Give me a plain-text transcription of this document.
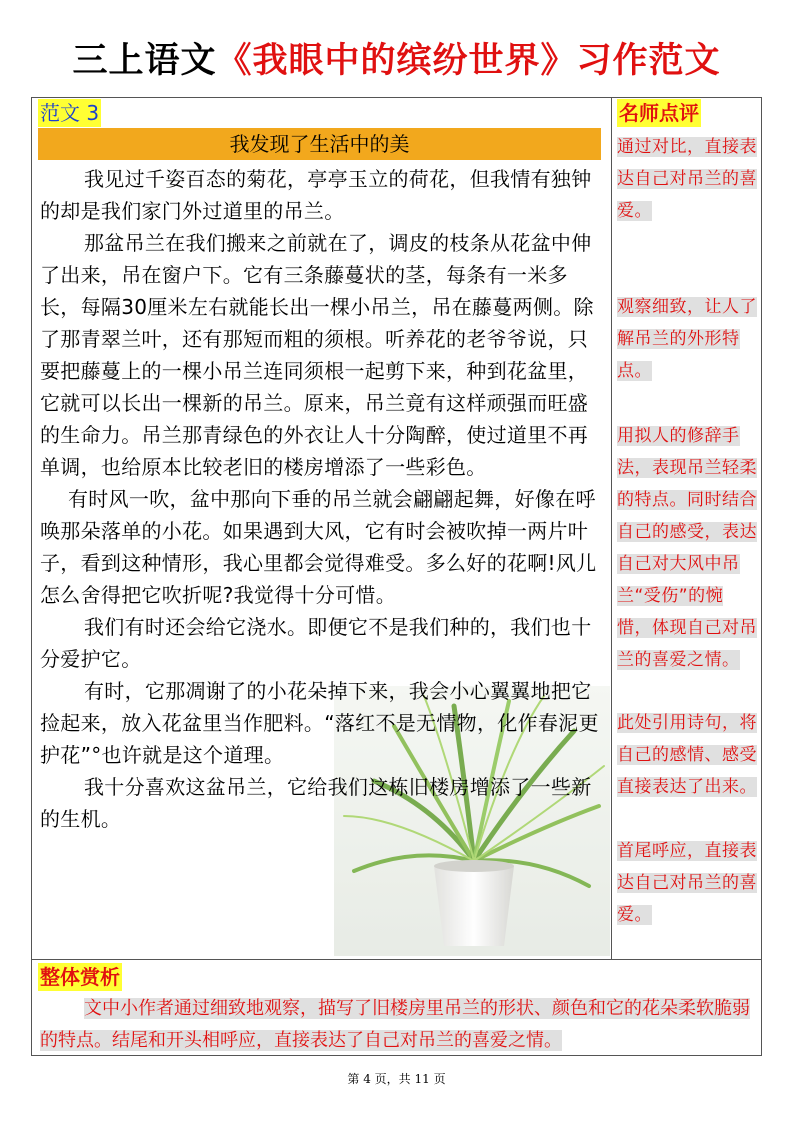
三上语文《我眼中的缤纷世界》习作范文
范文 3
我发现了生活中的美

我见过千姿百态的菊花，亭亭玉立的荷花，但我情有独钟的却是我们家门外过道里的吊兰。

那盆吊兰在我们搬来之前就在了，调皮的枝条从花盆中伸了出来，吊在窗户下。它有三条藤蔓状的茎，每条有一米多长，每隔30厘米左右就能长出一棵小吊兰，吊在藤蔓两侧。除了那青翠兰叶，还有那短而粗的须根。听养花的老爷爷说，只要把藤蔓上的一棵小吊兰连同须根一起剪下来，种到花盆里，它就可以长出一棵新的吊兰。原来，吊兰竟有这样顽强而旺盛的生命力。吊兰那青绿色的外衣让人十分陶醉，使过道里不再单调，也给原本比较老旧的楼房增添了一些彩色。

有时风一吹，盆中那向下垂的吊兰就会翩翩起舞，好像在呼唤那朵落单的小花。如果遇到大风，它有时会被吹掉一两片叶子，看到这种情形，我心里都会觉得难受。多么好的花啊!风儿怎么舍得把它吹折呢?我觉得十分可惜。

我们有时还会给它浇水。即便它不是我们种的，我们也十分爱护它。

有时，它那凋谢了的小花朵掉下来，我会小心翼翼地把它捡起来，放入花盆里当作肥料。“落红不是无情物，化作春泥更护花”°也许就是这个道理。

我十分喜欢这盆吊兰，它给我们这栋旧楼房增添了一些新的生机。

名师点评
通过对比，直接表达自己对吊兰的喜爱。
观察细致，让人了解吊兰的外形特点。
用拟人的修辞手法，表现吊兰轻柔的特点。同时结合自己的感受，表达自己对大风中吊兰“受伤”的惋惜，体现自己对吊兰的喜爱之情。
此处引用诗句，将自己的感情、感受直接表达了出来。
首尾呼应，直接表达自己对吊兰的喜爱。
整体赏析
文中小作者通过细致地观察，描写了旧楼房里吊兰的形状、颜色和它的花朵柔软脆弱的特点。结尾和开头相呼应，直接表达了自己对吊兰的喜爱之情。
第 4 页，共 11 页
